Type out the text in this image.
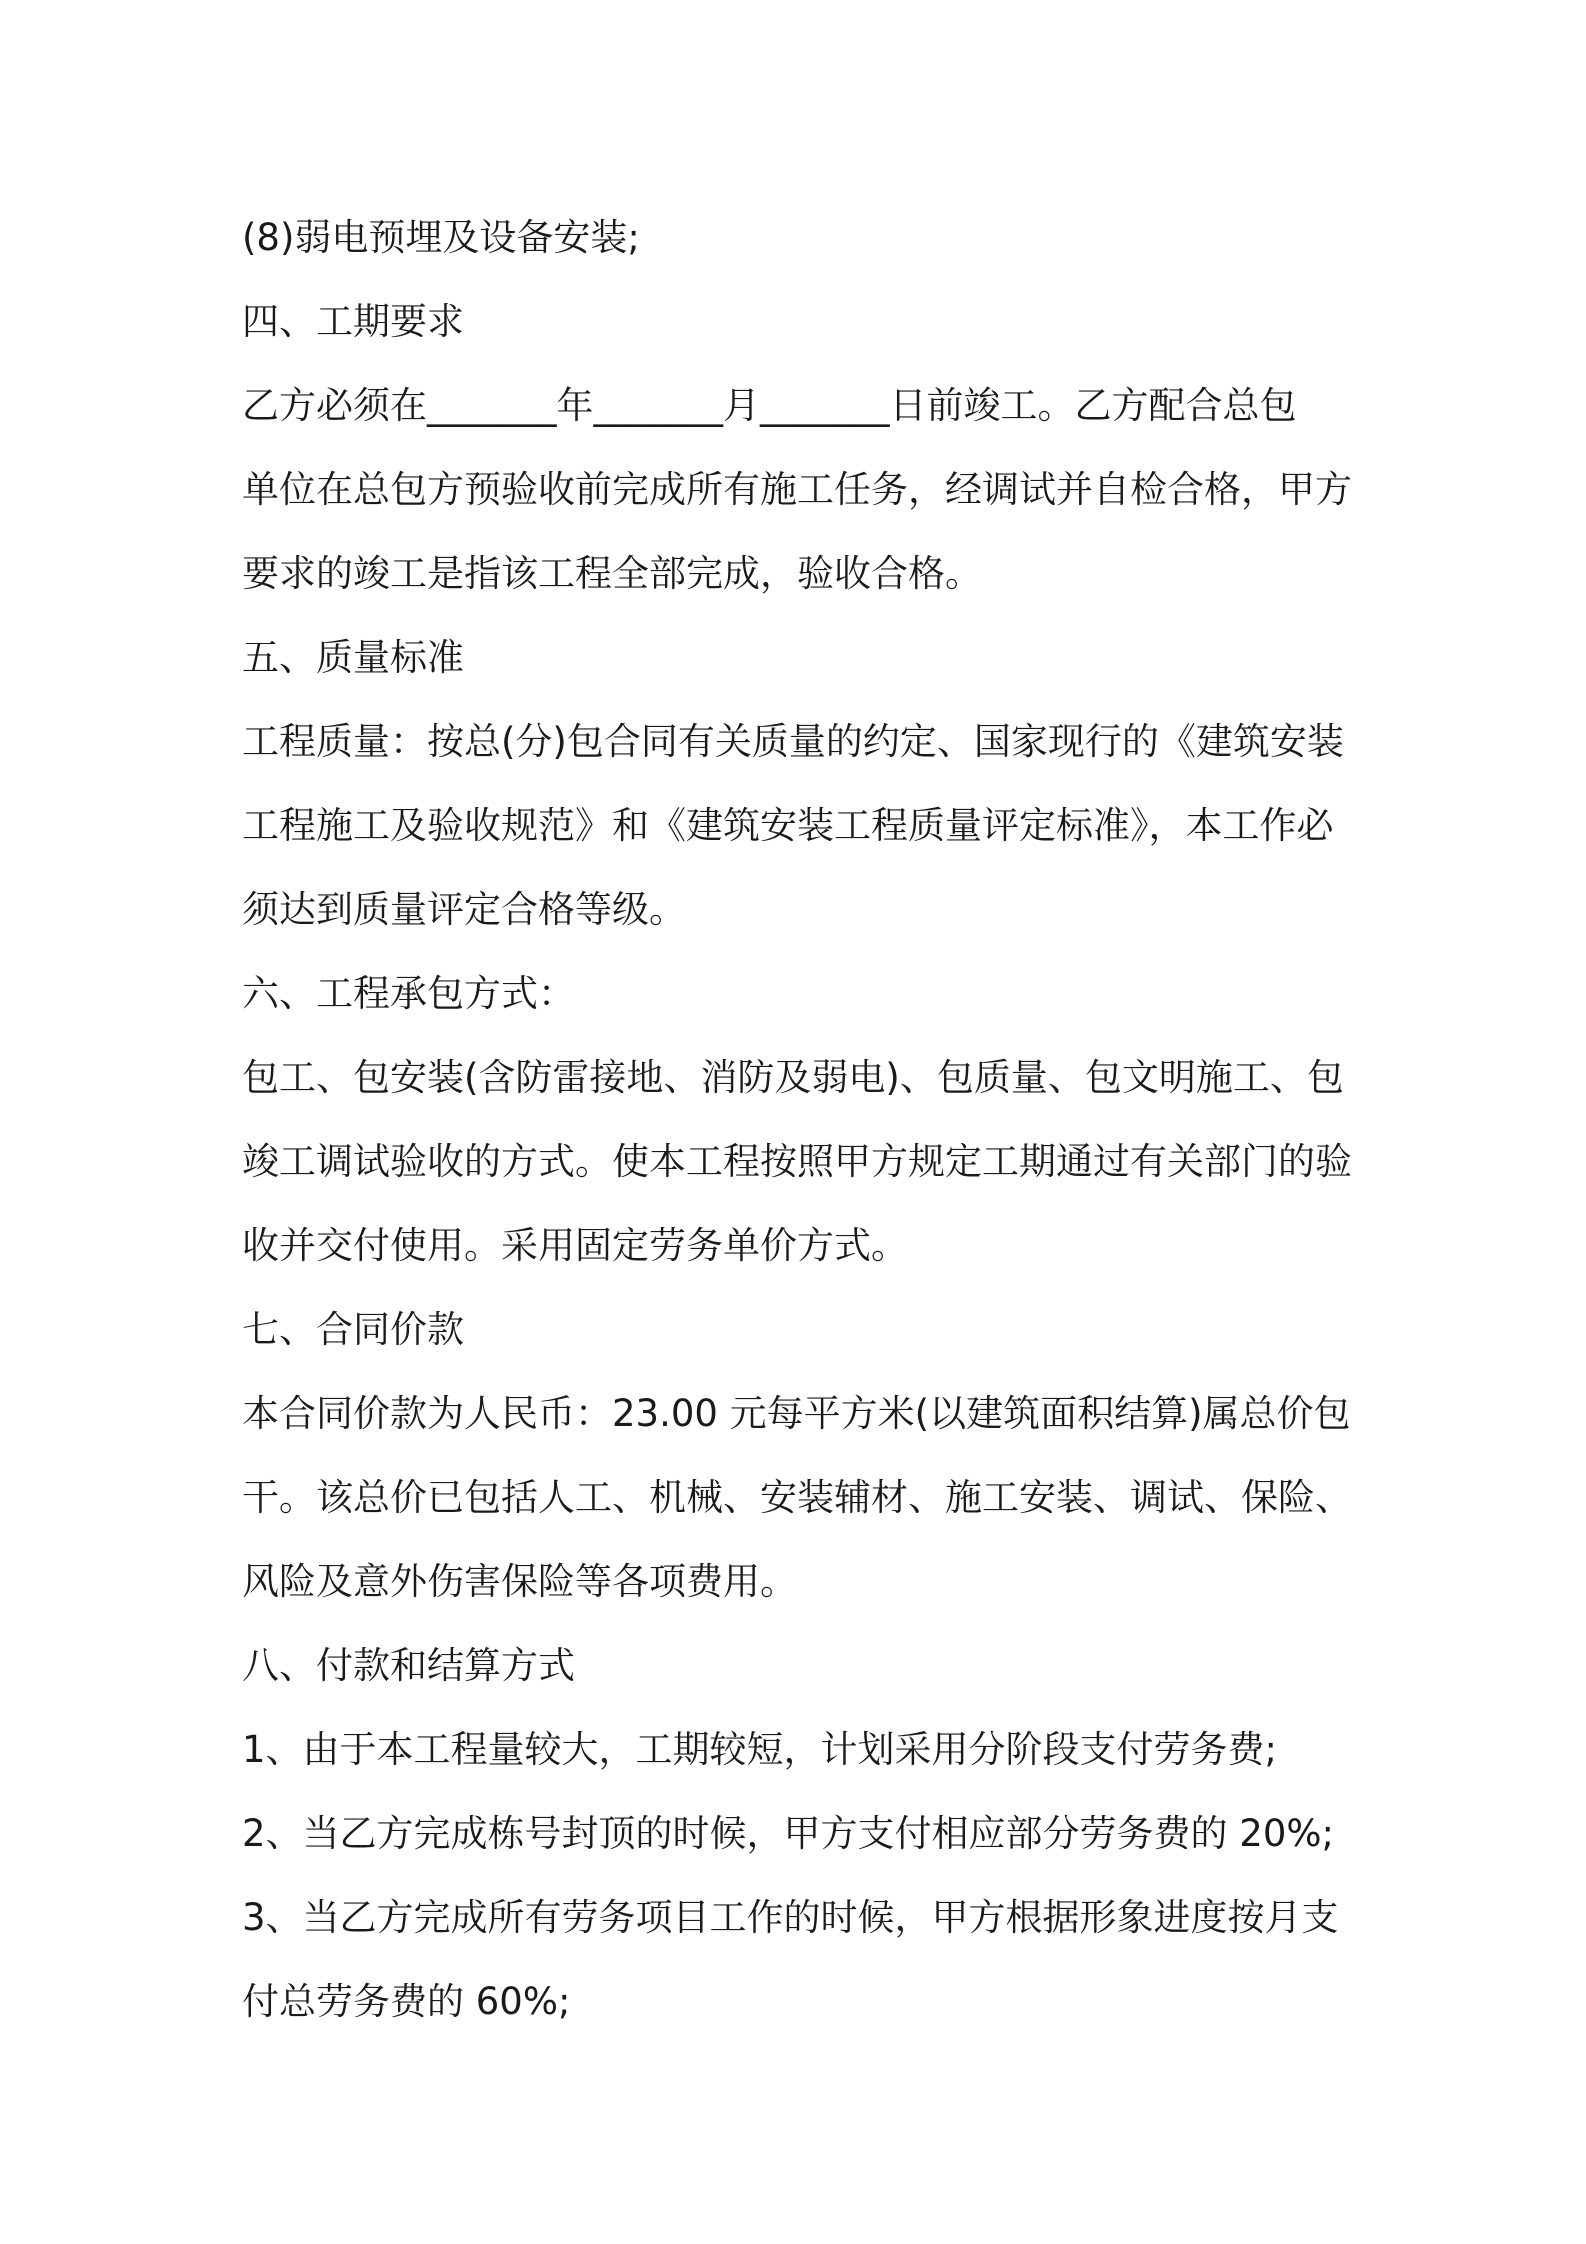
(8)弱电预埋及设备安装;
四、工期要求
乙方必须在_______年_______月_______日前竣工。乙方配合总包
单位在总包方预验收前完成所有施工任务，经调试并自检合格，甲方
要求的竣工是指该工程全部完成，验收合格。
五、质量标准
工程质量：按总(分)包合同有关质量的约定、国家现行的《建筑安装
工程施工及验收规范》和《建筑安装工程质量评定标准》，本工作必
须达到质量评定合格等级。
六、工程承包方式：
包工、包安装(含防雷接地、消防及弱电)、包质量、包文明施工、包
竣工调试验收的方式。使本工程按照甲方规定工期通过有关部门的验
收并交付使用。采用固定劳务单价方式。
七、合同价款
本合同价款为人民币：23.00 元每平方米(以建筑面积结算)属总价包
干。该总价已包括人工、机械、安装辅材、施工安装、调试、保险、
风险及意外伤害保险等各项费用。
八、付款和结算方式
1、由于本工程量较大，工期较短，计划采用分阶段支付劳务费;
2、当乙方完成栋号封顶的时候，甲方支付相应部分劳务费的 20%;
3、当乙方完成所有劳务项目工作的时候，甲方根据形象进度按月支
付总劳务费的 60%;
